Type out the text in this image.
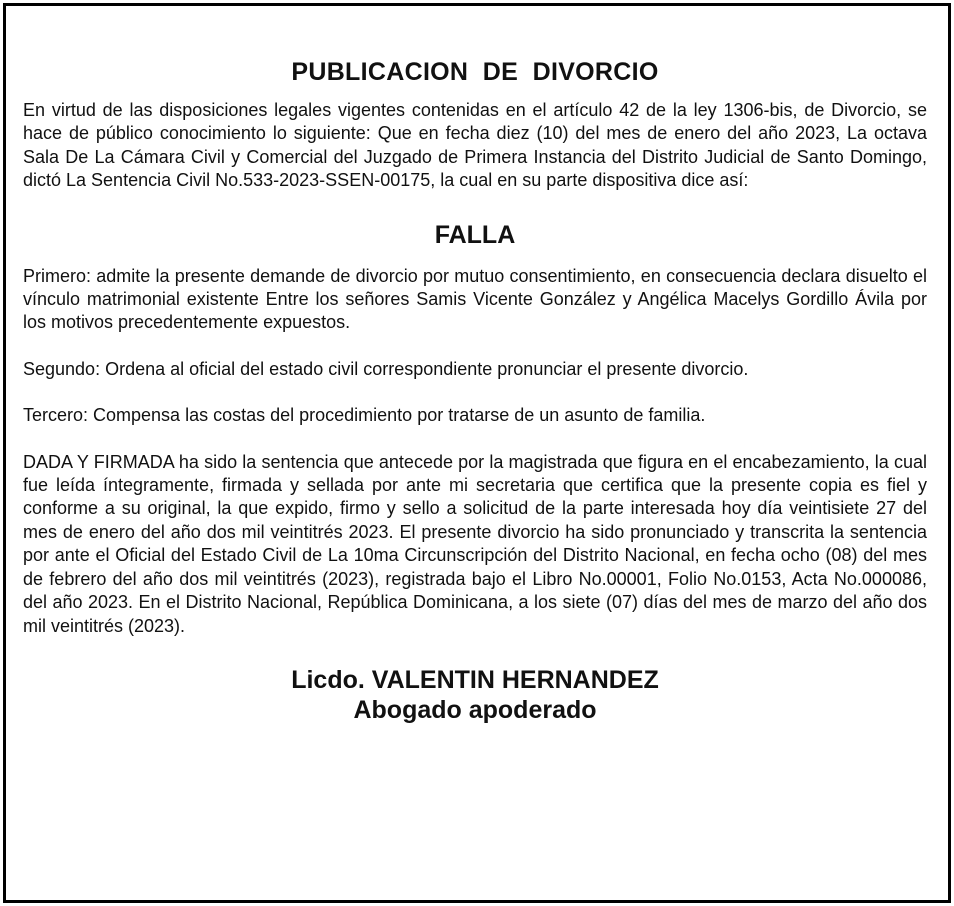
PUBLICACION  DE  DIVORCIO

En virtud de las disposiciones legales vigentes contenidas en el artículo 42 de la ley 1306-bis, de Divorcio, se hace de público conocimiento lo siguiente: Que en fecha diez (10) del mes de enero del año 2023, La octava Sala De La Cámara Civil y Comercial del Juzgado de Primera Instancia del Distrito Judicial de Santo Domingo, dictó La Sentencia Civil No.533-2023-SSEN-00175, la cual en su parte dispositiva dice así:

FALLA

Primero: admite la presente demande de divorcio por mutuo consentimiento, en consecuencia declara disuelto el vínculo matrimonial existente Entre los señores Samis Vicente González y Angélica Macelys Gordillo Ávila por los motivos precedentemente expuestos.

Segundo: Ordena al oficial del estado civil correspondiente pronunciar el presente divorcio.

Tercero: Compensa las costas del procedimiento por tratarse de un asunto de familia.

DADA Y FIRMADA ha sido la sentencia que antecede por la magistrada que figura en el encabezamiento, la cual fue leída íntegramente, firmada y sellada por ante mi secretaria que certifica que la presente copia es fiel y conforme a su original, la que expido, firmo y sello a solicitud de la parte interesada hoy día veintisiete 27 del mes de enero del año dos mil veintitrés 2023. El presente divorcio ha sido pronunciado y transcrita la sentencia por ante el Oficial del Estado Civil de La 10ma Circunscripción del Distrito Nacional, en fecha ocho (08) del mes de febrero del año dos mil veintitrés (2023), registrada bajo el Libro No.00001, Folio No.0153, Acta No.000086, del año 2023. En el Distrito Nacional, República Dominicana, a los siete (07) días del mes de marzo del año dos mil veintitrés (2023).

Licdo. VALENTIN HERNANDEZ
Abogado apoderado
